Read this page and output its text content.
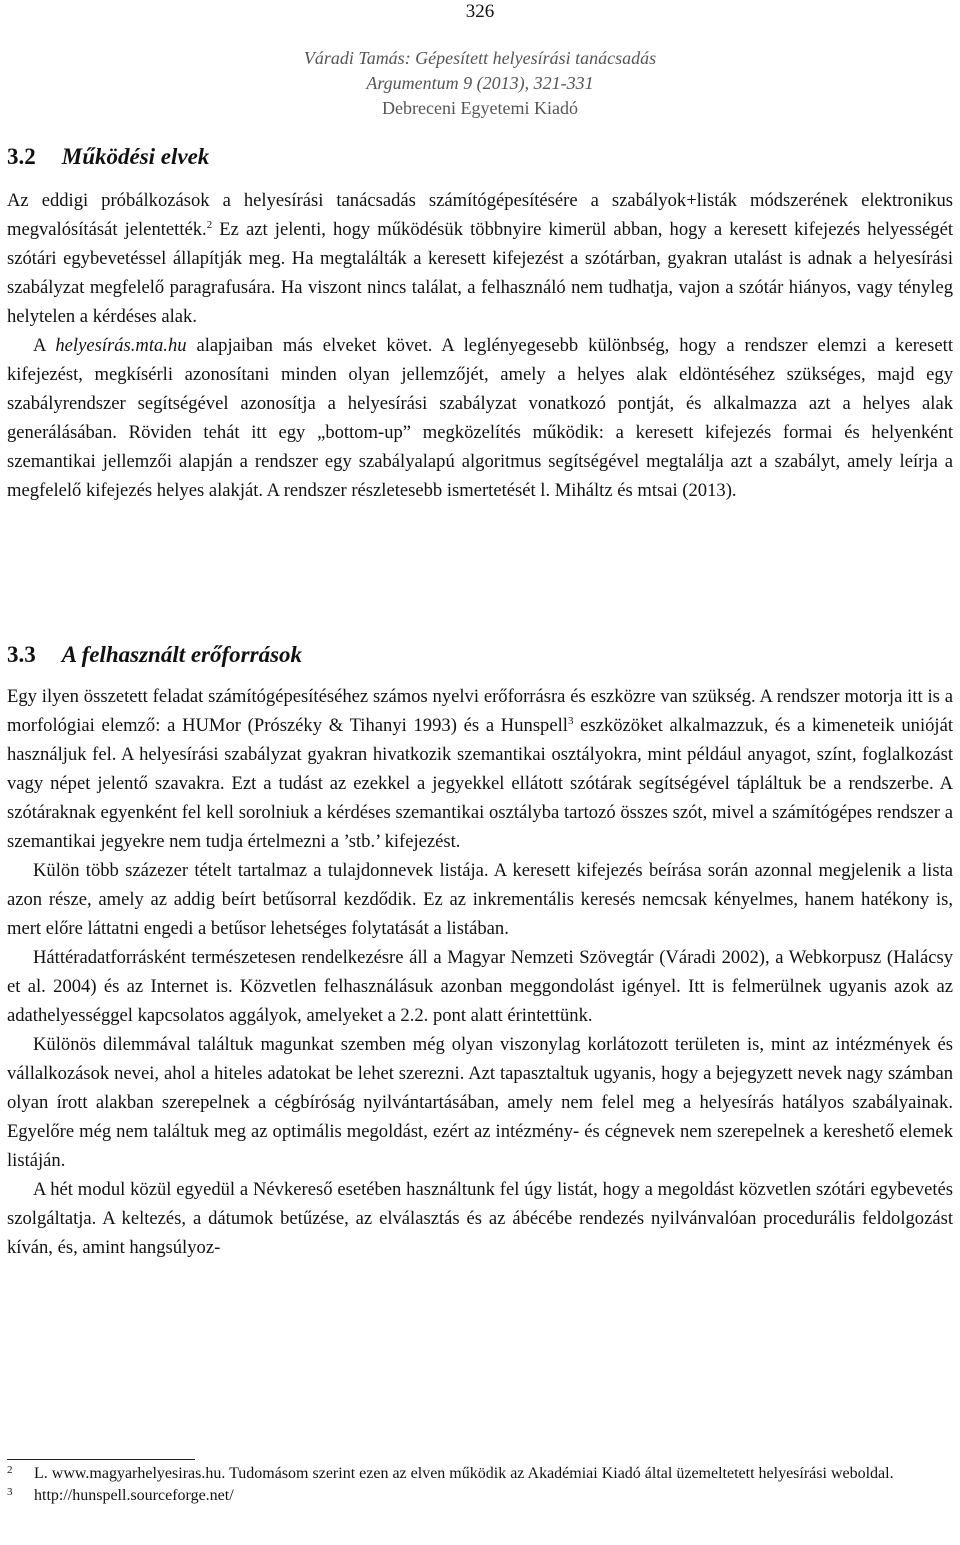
326
Váradi Tamás: Gépesített helyesírási tanácsadás
Argumentum 9 (2013), 321-331
Debreceni Egyetemi Kiadó
3.2 Működési elvek

Az eddigi próbálkozások a helyesírási tanácsadás számítógépesítésére a szabályok+listák módszerének elektronikus megvalósítását jelentették.$^2$ Ez azt jelenti, hogy működésük többnyire kimerül abban, hogy a keresett kifejezés helyességét szótári egybevetéssel állapítják meg. Ha megtalálták a keresett kifejezést a szótárban, gyakran utalást is adnak a helyesírási szabályzat megfelelő paragrafusára. Ha viszont nincs találat, a felhasználó nem tudhatja, vajon a szótár hiányos, vagy tényleg helytelen a kérdéses alak.

A helyesírás.mta.hu alapjaiban más elveket követ. A leglényegesebb különbség, hogy a rendszer elemzi a keresett kifejezést, megkísérli azonosítani minden olyan jellemzőjét, amely a helyes alak eldöntéséhez szükséges, majd egy szabályrendszer segítségével azonosítja a helyesírási szabályzat vonatkozó pontját, és alkalmazza azt a helyes alak generálásában. Röviden tehát itt egy „bottom-up” megközelítés működik: a keresett kifejezés formai és helyenként szemantikai jellemzői alapján a rendszer egy szabályalapú algoritmus segítségével megtalálja azt a szabályt, amely leírja a megfelelő kifejezés helyes alakját. A rendszer részletesebb ismertetését l. Miháltz és mtsai (2013).

3.3 A felhasznált erőforrások

Egy ilyen összetett feladat számítógépesítéséhez számos nyelvi erőforrásra és eszközre van szükség. A rendszer motorja itt is a morfológiai elemző: a HUMor (Prószéky & Tihanyi 1993) és a Hunspell$^3$ eszközöket alkalmazzuk, és a kimeneteik unióját használjuk fel. A helyesírási szabályzat gyakran hivatkozik szemantikai osztályokra, mint például anyagot, színt, foglalkozást vagy népet jelentő szavakra. Ezt a tudást az ezekkel a jegyekkel ellátott szótárak segítségével tápláltuk be a rendszerbe. A szótáraknak egyenként fel kell sorolniuk a kérdéses szemantikai osztályba tartozó összes szót, mivel a számítógépes rendszer a szemantikai jegyekre nem tudja értelmezni a ’stb.’ kifejezést.

Külön több százezer tételt tartalmaz a tulajdonnevek listája. A keresett kifejezés beírása során azonnal megjelenik a lista azon része, amely az addig beírt betűsorral kezdődik. Ez az inkrementális keresés nemcsak kényelmes, hanem hatékony is, mert előre láttatni engedi a betűsor lehetséges folytatását a listában.

Háttéradatforrásként természetesen rendelkezésre áll a Magyar Nemzeti Szövegtár (Váradi 2002), a Webkorpusz (Halácsy et al. 2004) és az Internet is. Közvetlen felhasználásuk azonban meggondolást igényel. Itt is felmerülnek ugyanis azok az adathelyességgel kapcsolatos aggályok, amelyeket a 2.2. pont alatt érintettünk.

Különös dilemmával találtuk magunkat szemben még olyan viszonylag korlátozott területen is, mint az intézmények és vállalkozások nevei, ahol a hiteles adatokat be lehet szerezni. Azt tapasztaltuk ugyanis, hogy a bejegyzett nevek nagy számban olyan írott alakban szerepelnek a cégbíróság nyilvántartásában, amely nem felel meg a helyesírás hatályos szabályainak. Egyelőre még nem találtuk meg az optimális megoldást, ezért az intézmény- és cégnevek nem szerepelnek a kereshető elemek listáján.

A hét modul közül egyedül a Névkereső esetében használtunk fel úgy listát, hogy a megoldást közvetlen szótári egybevetés szolgáltatja. A keltezés, a dátumok betűzése, az elválasztás és az ábécébe rendezés nyilvánvalóan procedurális feldolgozást kíván, és, amint hangsúlyoz-

2 L. www.magyarhelyesiras.hu. Tudomásom szerint ezen az elven működik az Akadémiai Kiadó által üzemeltetett helyesírási weboldal.
3 http://hunspell.sourceforge.net/
